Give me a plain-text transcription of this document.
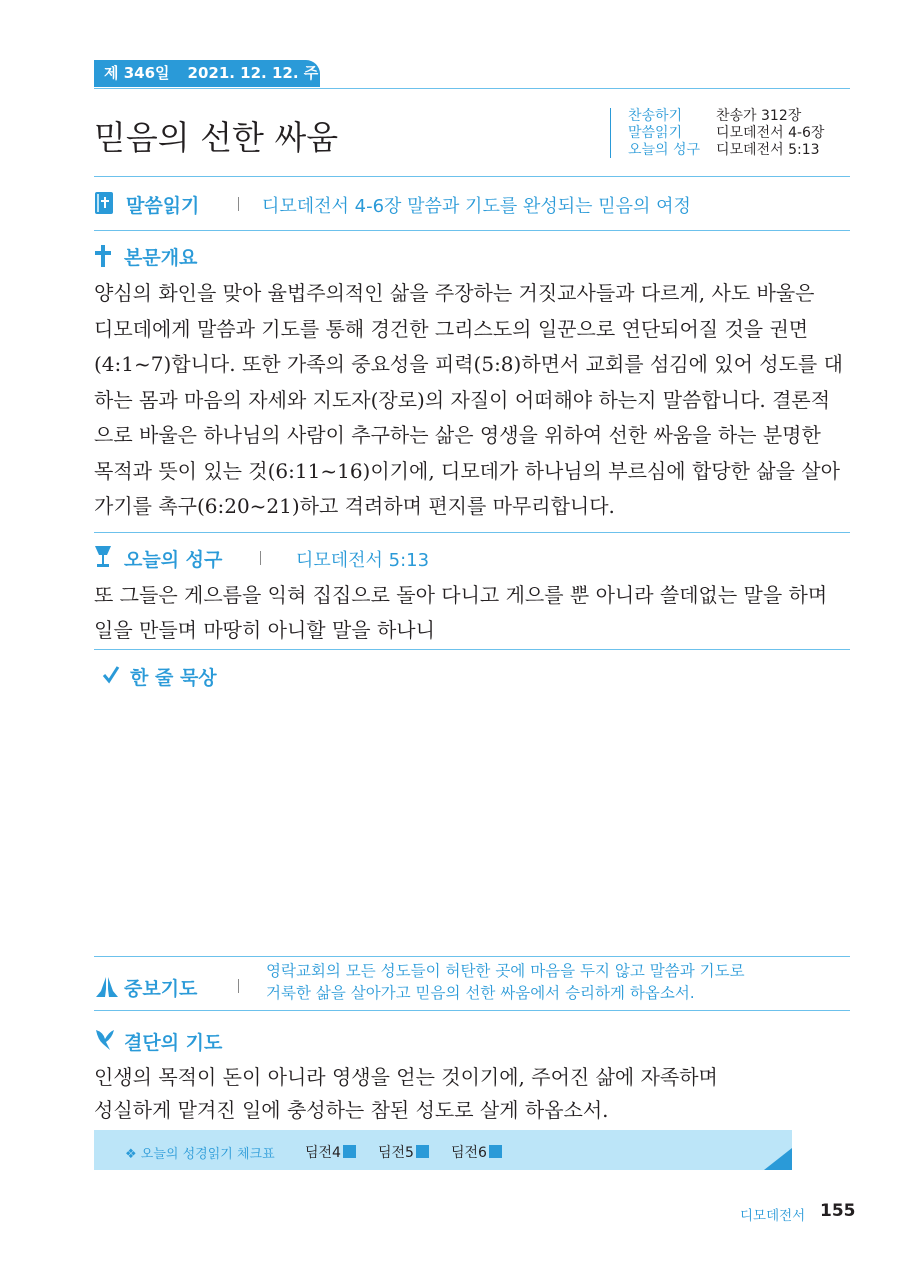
제 346일 2021. 12. 12. 주
믿음의 선한 싸움
찬송하기 찬송가 312장
말씀읽기 디모데전서 4-6장
오늘의 성구 디모데전서 5:13
말씀읽기	디모데전서 4-6장 말씀과 기도를 완성되는 믿음의 여정
본문개요

양심의 화인을 맞아 율법주의적인 삶을 주장하는 거짓교사들과 다르게, 사도 바울은

디모데에게 말씀과 기도를 통해 경건한 그리스도의 일꾼으로 연단되어질 것을 권면

(4:1~7)합니다. 또한 가족의 중요성을 피력(5:8)하면서 교회를 섬김에 있어 성도를 대

하는 몸과 마음의 자세와 지도자(장로)의 자질이 어떠해야 하는지 말씀합니다. 결론적

으로 바울은 하나님의 사람이 추구하는 삶은 영생을 위하여 선한 싸움을 하는 분명한

목적과 뜻이 있는 것(6:11~16)이기에, 디모데가 하나님의 부르심에 합당한 삶을 살아

가기를 촉구(6:20~21)하고 격려하며 편지를 마무리합니다.

오늘의 성구	디모데전서 5:13

또 그들은 게으름을 익혀 집집으로 돌아 다니고 게으를 뿐 아니라 쓸데없는 말을 하며

일을 만들며 마땅히 아니할 말을 하나니

한 줄 묵상
중보기도

영락교회의 모든 성도들이 허탄한 곳에 마음을 두지 않고 말씀과 기도로

거룩한 삶을 살아가고 믿음의 선한 싸움에서 승리하게 하옵소서.

결단의 기도

인생의 목적이 돈이 아니라 영생을 얻는 것이기에, 주어진 삶에 자족하며

성실하게 맡겨진 일에 충성하는 참된 성도로 살게 하옵소서.

❖ 오늘의 성경읽기 체크표 딤전4	딤전5	딤전6
디모데전서 155
